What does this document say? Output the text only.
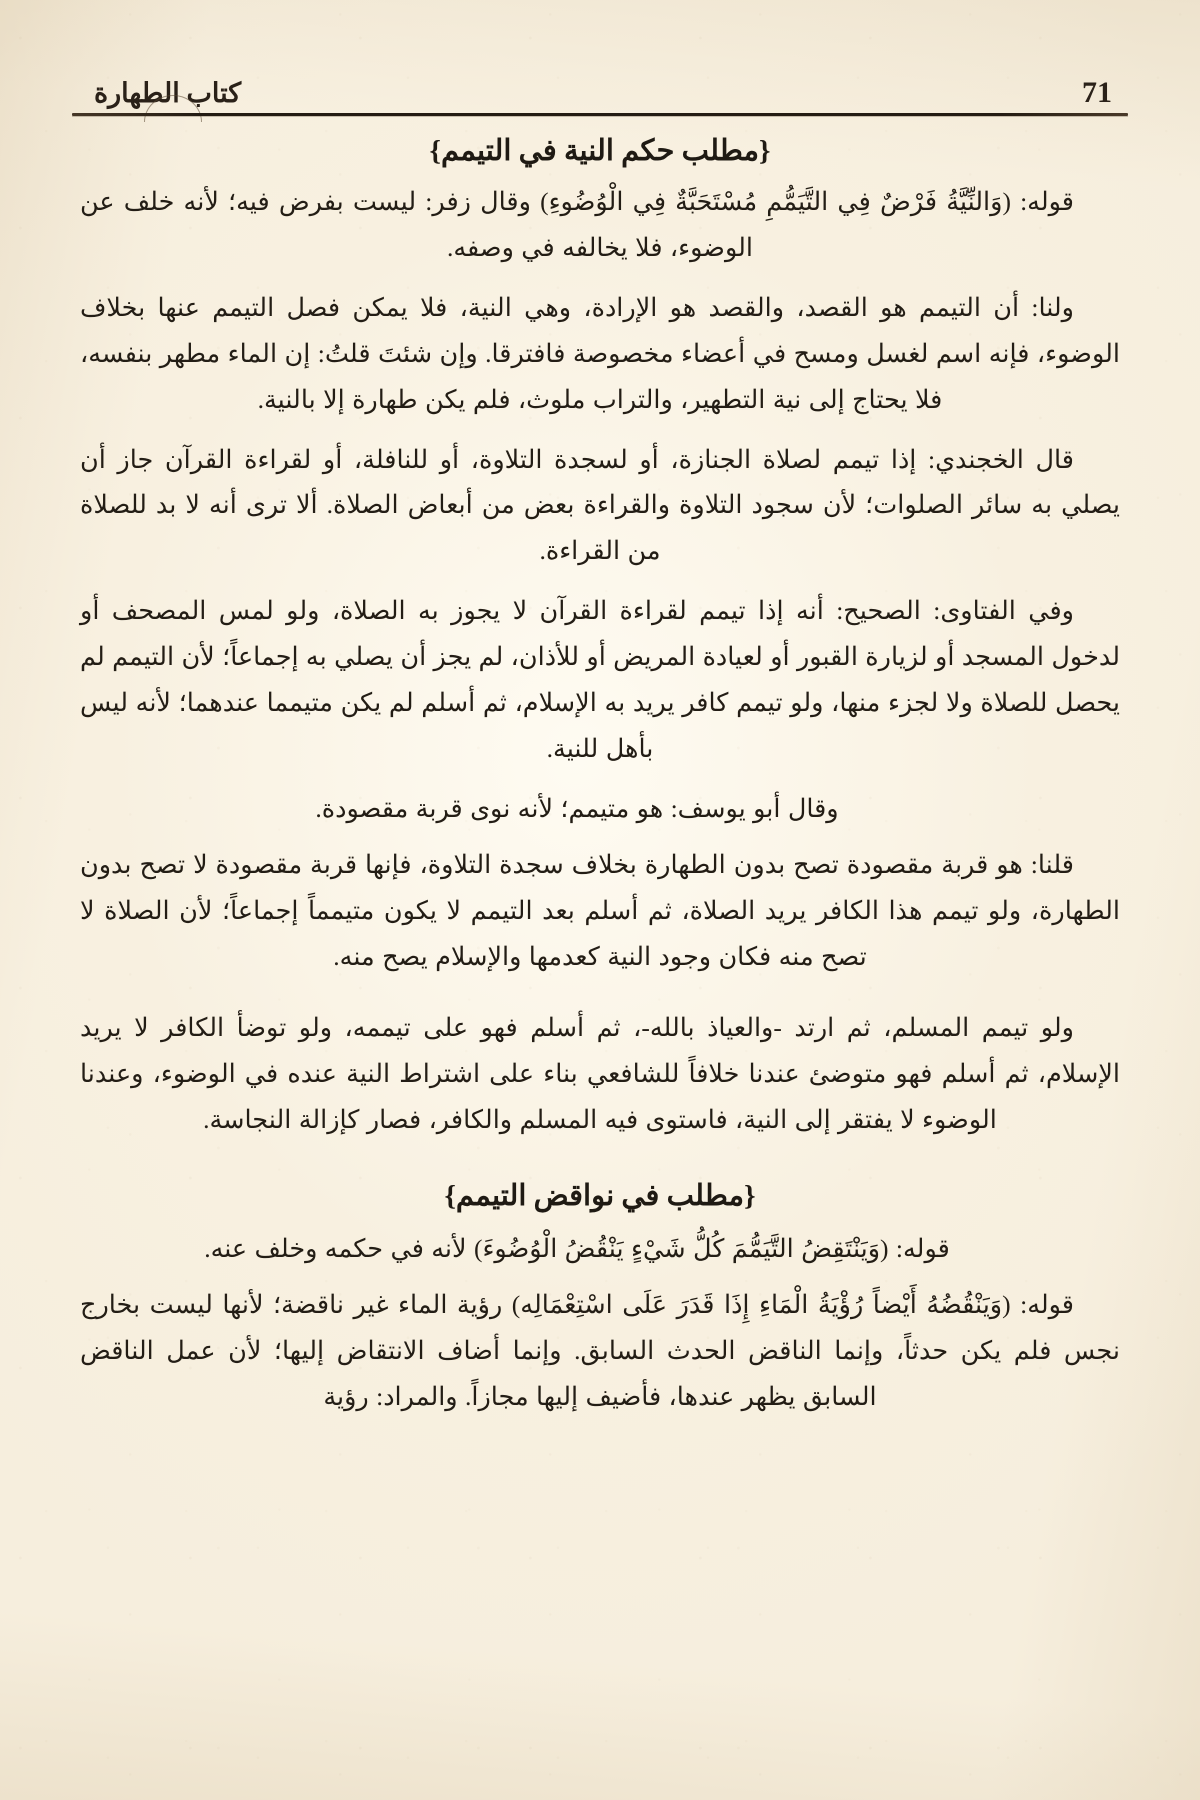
71
كتاب الطهارة
{مطلب حكم النية في التيمم}

قوله: (وَالنِّيَّةُ فَرْضٌ فِي التَّيَمُّمِ مُسْتَحَبَّةٌ فِي الْوُضُوءِ) وقال زفر: ليست بفرض فيه؛ لأنه خلف عن الوضوء، فلا يخالفه في وصفه.

ولنا: أن التيمم هو القصد، والقصد هو الإرادة، وهي النية، فلا يمكن فصل التيمم عنها بخلاف الوضوء، فإنه اسم لغسل ومسح في أعضاء مخصوصة فافترقا. وإن شئتَ قلتُ: إن الماء مطهر بنفسه، فلا يحتاج إلى نية التطهير، والتراب ملوث، فلم يكن طهارة إلا بالنية.

قال الخجندي: إذا تيمم لصلاة الجنازة، أو لسجدة التلاوة، أو للنافلة، أو لقراءة القرآن جاز أن يصلي به سائر الصلوات؛ لأن سجود التلاوة والقراءة بعض من أبعاض الصلاة. ألا ترى أنه لا بد للصلاة من القراءة.

وفي الفتاوى: الصحيح: أنه إذا تيمم لقراءة القرآن لا يجوز به الصلاة، ولو لمس المصحف أو لدخول المسجد أو لزيارة القبور أو لعيادة المريض أو للأذان، لم يجز أن يصلي به إجماعاً؛ لأن التيمم لم يحصل للصلاة ولا لجزء منها، ولو تيمم كافر يريد به الإسلام، ثم أسلم لم يكن متيمما عندهما؛ لأنه ليس بأهل للنية.

وقال أبو يوسف: هو متيمم؛ لأنه نوى قربة مقصودة.

قلنا: هو قربة مقصودة تصح بدون الطهارة بخلاف سجدة التلاوة، فإنها قربة مقصودة لا تصح بدون الطهارة، ولو تيمم هذا الكافر يريد الصلاة، ثم أسلم بعد التيمم لا يكون متيمماً إجماعاً؛ لأن الصلاة لا تصح منه فكان وجود النية كعدمها والإسلام يصح منه.

ولو تيمم المسلم، ثم ارتد -والعياذ بالله-، ثم أسلم فهو على تيممه، ولو توضأ الكافر لا يريد الإسلام، ثم أسلم فهو متوضئ عندنا خلافاً للشافعي بناء على اشتراط النية عنده في الوضوء، وعندنا الوضوء لا يفتقر إلى النية، فاستوى فيه المسلم والكافر، فصار كإزالة النجاسة.

{مطلب في نواقض التيمم}

قوله: (وَيَنْتَقِضُ التَّيَمُّمَ كُلُّ شَيْءٍ يَنْقُضُ الْوُضُوءَ) لأنه في حكمه وخلف عنه.

قوله: (وَيَنْقُضُهُ أَيْضاً رُؤْيَةُ الْمَاءِ إِذَا قَدَرَ عَلَى اسْتِعْمَالِه) رؤية الماء غير ناقضة؛ لأنها ليست بخارج نجس فلم يكن حدثاً، وإنما الناقض الحدث السابق. وإنما أضاف الانتقاض إليها؛ لأن عمل الناقض السابق يظهر عندها، فأضيف إليها مجازاً. والمراد: رؤية
